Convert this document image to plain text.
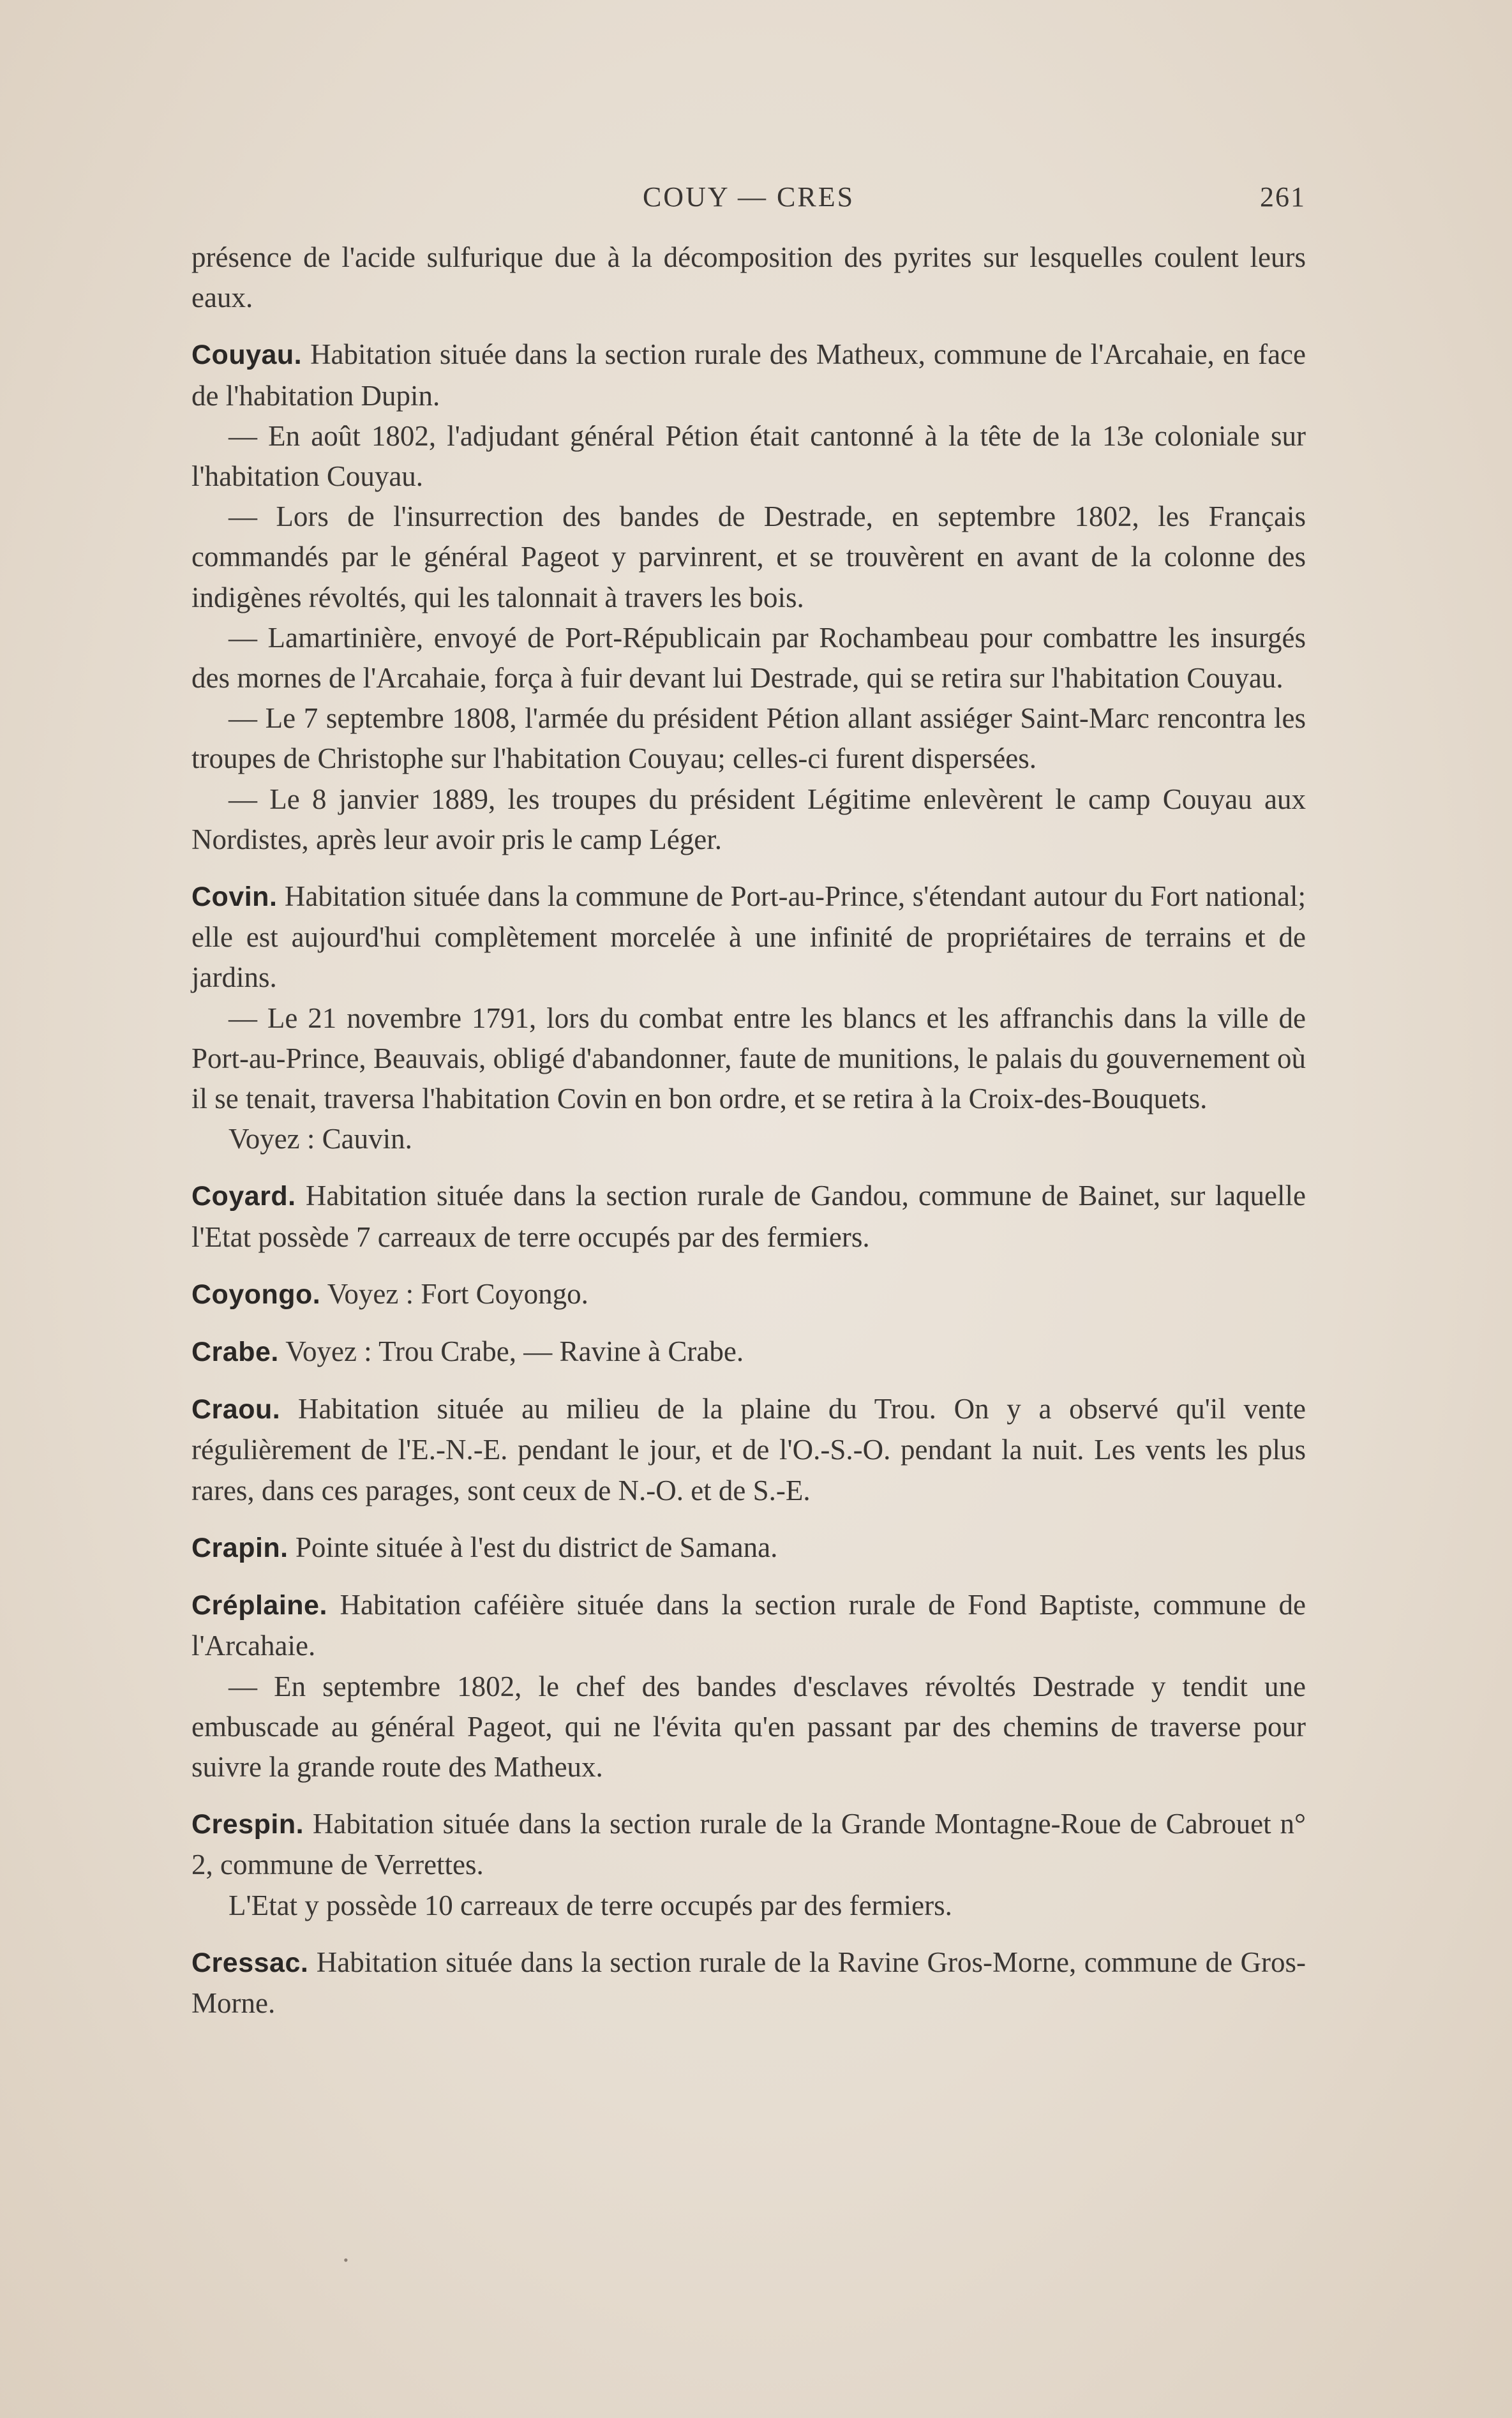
COUY — CRES	261

présence de l'acide sulfurique due à la décomposition des pyrites sur lesquelles coulent leurs eaux.

Couyau. Habitation située dans la section rurale des Matheux, commune de l'Arcahaie, en face de l'habitation Dupin.

— En août 1802, l'adjudant général Pétion était cantonné à la tête de la 13e coloniale sur l'habitation Couyau.

— Lors de l'insurrection des bandes de Destrade, en septembre 1802, les Français commandés par le général Pageot y parvinrent, et se trouvèrent en avant de la colonne des indigènes révoltés, qui les talonnait à travers les bois.

— Lamartinière, envoyé de Port-Républicain par Rochambeau pour combattre les insurgés des mornes de l'Arcahaie, força à fuir devant lui Destrade, qui se retira sur l'habitation Couyau.

— Le 7 septembre 1808, l'armée du président Pétion allant assiéger Saint-Marc rencontra les troupes de Christophe sur l'habitation Couyau; celles-ci furent dispersées.

— Le 8 janvier 1889, les troupes du président Légitime enlevèrent le camp Couyau aux Nordistes, après leur avoir pris le camp Léger.

Covin. Habitation située dans la commune de Port-au-Prince, s'étendant autour du Fort national; elle est aujourd'hui complètement morcelée à une infinité de propriétaires de terrains et de jardins.

— Le 21 novembre 1791, lors du combat entre les blancs et les affranchis dans la ville de Port-au-Prince, Beauvais, obligé d'abandonner, faute de munitions, le palais du gouvernement où il se tenait, traversa l'habitation Covin en bon ordre, et se retira à la Croix-des-Bouquets.

Voyez : Cauvin.

Coyard. Habitation située dans la section rurale de Gandou, commune de Bainet, sur laquelle l'Etat possède 7 carreaux de terre occupés par des fermiers.

Coyongo. Voyez : Fort Coyongo.

Crabe. Voyez : Trou Crabe, — Ravine à Crabe.

Craou. Habitation située au milieu de la plaine du Trou. On y a observé qu'il vente régulièrement de l'E.-N.-E. pendant le jour, et de l'O.-S.-O. pendant la nuit. Les vents les plus rares, dans ces parages, sont ceux de N.-O. et de S.-E.

Crapin. Pointe située à l'est du district de Samana.

Créplaine. Habitation caféière située dans la section rurale de Fond Baptiste, commune de l'Arcahaie.

— En septembre 1802, le chef des bandes d'esclaves révoltés Destrade y tendit une embuscade au général Pageot, qui ne l'évita qu'en passant par des chemins de traverse pour suivre la grande route des Matheux.

Crespin. Habitation située dans la section rurale de la Grande Montagne-Roue de Cabrouet n° 2, commune de Verrettes.

L'Etat y possède 10 carreaux de terre occupés par des fermiers.

Cressac. Habitation située dans la section rurale de la Ravine Gros-Morne, commune de Gros-Morne.

•
